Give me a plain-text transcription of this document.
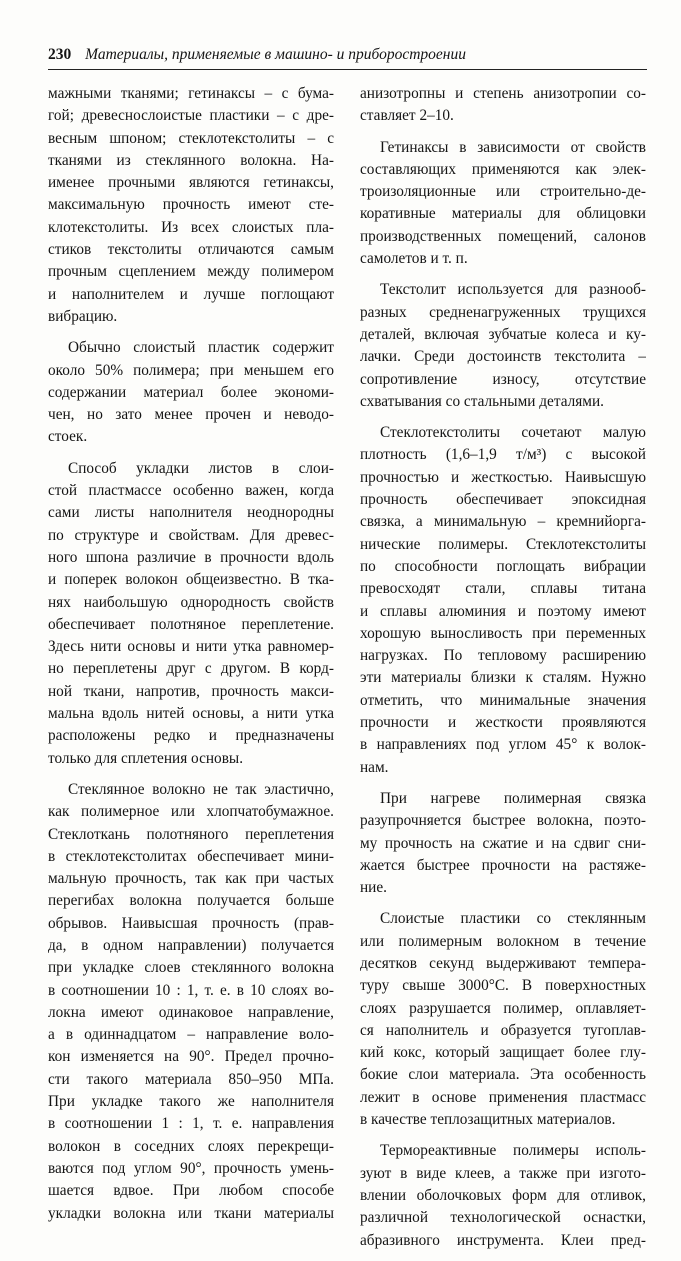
230 Материалы, применяемые в машино- и приборостроении
мажными тканями; гетинаксы – с бума-
гой; древеснослоистые пластики – с дре-
весным шпоном; стеклотекстолиты – с
тканями из стеклянного волокна. На-
именее прочными являются гетинаксы,
максимальную прочность имеют сте-
клотекстолиты. Из всех слоистых пла-
стиков текстолиты отличаются самым
прочным сцеплением между полимером
и наполнителем и лучше поглощают
вибрацию.
Обычно слоистый пластик содержит
около 50% полимера; при меньшем его
содержании материал более экономи-
чен, но зато менее прочен и неводо-
стоек.
Способ укладки листов в слои-
стой пластмассе особенно важен, когда
сами листы наполнителя неоднородны
по структуре и свойствам. Для древес-
ного шпона различие в прочности вдоль
и поперек волокон общеизвестно. В тка-
нях наибольшую однородность свойств
обеспечивает полотняное переплетение.
Здесь нити основы и нити утка равномер-
но переплетены друг с другом. В корд-
ной ткани, напротив, прочность макси-
мальна вдоль нитей основы, а нити утка
расположены редко и предназначены
только для сплетения основы.
Стеклянное волокно не так эластично,
как полимерное или хлопчатобумажное.
Стеклоткань полотняного переплетения
в стеклотекстолитах обеспечивает мини-
мальную прочность, так как при частых
перегибах волокна получается больше
обрывов. Наивысшая прочность (прав-
да, в одном направлении) получается
при укладке слоев стеклянного волокна
в соотношении 10 : 1, т. е. в 10 слоях во-
локна имеют одинаковое направление,
а в одиннадцатом – направление воло-
кон изменяется на 90°. Предел прочно-
сти такого материала 850–950 МПа.
При укладке такого же наполнителя
в соотношении 1 : 1, т. е. направления
волокон в соседних слоях перекрещи-
ваются под углом 90°, прочность умень-
шается вдвое. При любом способе
укладки волокна или ткани материалы
анизотропны и степень анизотропии со-
ставляет 2–10.
Гетинаксы в зависимости от свойств
составляющих применяются как элек-
троизоляционные или строительно-де-
коративные материалы для облицовки
производственных помещений, салонов
самолетов и т. п.
Текстолит используется для разнооб-
разных средненагруженных трущихся
деталей, включая зубчатые колеса и ку-
лачки. Среди достоинств текстолита –
сопротивление износу, отсутствие
схватывания со стальными деталями.
Стеклотекстолиты сочетают малую
плотность (1,6–1,9 т/м³) с высокой
прочностью и жесткостью. Наивысшую
прочность обеспечивает эпоксидная
связка, а минимальную – кремнийорга-
нические полимеры. Стеклотекстолиты
по способности поглощать вибрации
превосходят стали, сплавы титана
и сплавы алюминия и поэтому имеют
хорошую выносливость при переменных
нагрузках. По тепловому расширению
эти материалы близки к сталям. Нужно
отметить, что минимальные значения
прочности и жесткости проявляются
в направлениях под углом 45° к волок-
нам.
При нагреве полимерная связка
разупрочняется быстрее волокна, поэто-
му прочность на сжатие и на сдвиг сни-
жается быстрее прочности на растяже-
ние.
Слоистые пластики со стеклянным
или полимерным волокном в течение
десятков секунд выдерживают темпера-
туру свыше 3000°С. В поверхностных
слоях разрушается полимер, оплавляет-
ся наполнитель и образуется тугоплав-
кий кокс, который защищает более глу-
бокие слои материала. Эта особенность
лежит в основе применения пластмасс
в качестве теплозащитных материалов.
Термореактивные полимеры исполь-
зуют в виде клеев, а также при изгото-
влении оболочковых форм для отливок,
различной технологической оснастки,
абразивного инструмента. Клеи пред-
